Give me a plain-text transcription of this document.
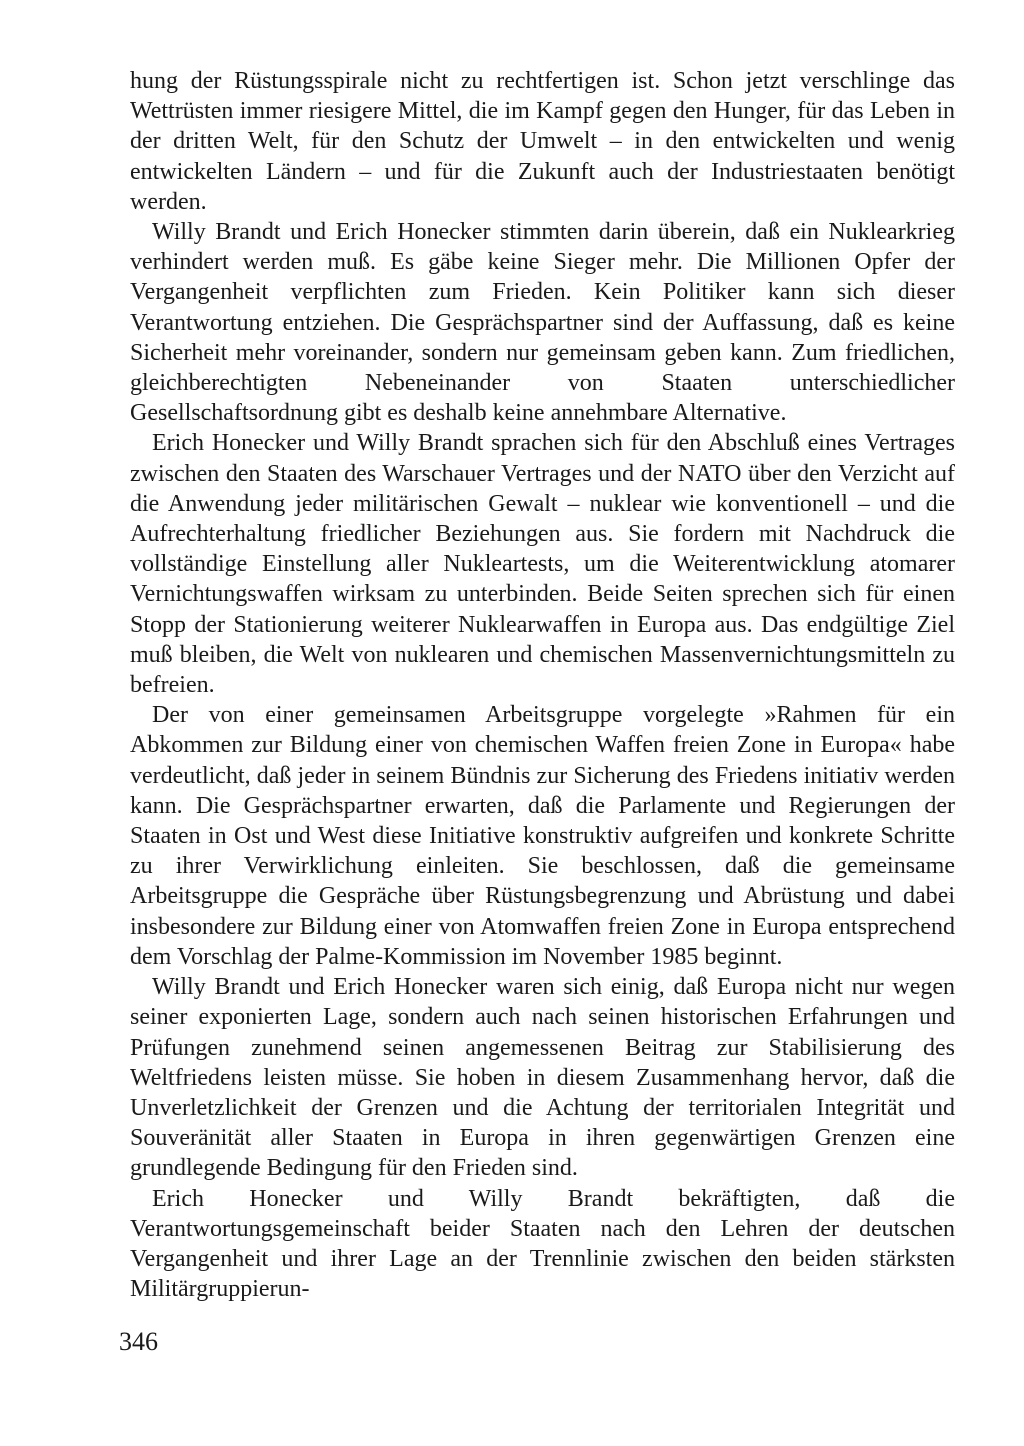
hung der Rüstungsspirale nicht zu rechtfertigen ist. Schon jetzt verschlinge das Wettrüsten immer riesigere Mittel, die im Kampf gegen den Hunger, für das Leben in der dritten Welt, für den Schutz der Umwelt – in den entwickelten und wenig entwickelten Ländern – und für die Zukunft auch der Industriestaaten benötigt werden.

Willy Brandt und Erich Honecker stimmten darin überein, daß ein Nuklearkrieg verhindert werden muß. Es gäbe keine Sieger mehr. Die Millionen Opfer der Vergangenheit verpflichten zum Frieden. Kein Politiker kann sich dieser Verantwortung entziehen. Die Gesprächspartner sind der Auffassung, daß es keine Sicherheit mehr voreinander, sondern nur gemeinsam geben kann. Zum friedlichen, gleichberechtigten Nebeneinander von Staaten unterschiedlicher Gesellschaftsordnung gibt es deshalb keine annehmbare Alternative.

Erich Honecker und Willy Brandt sprachen sich für den Abschluß eines Vertrages zwischen den Staaten des Warschauer Vertrages und der NATO über den Verzicht auf die Anwendung jeder militärischen Gewalt – nuklear wie konventionell – und die Aufrechterhaltung friedlicher Beziehungen aus. Sie fordern mit Nachdruck die vollständige Einstellung aller Nukleartests, um die Weiterentwicklung atomarer Vernichtungswaffen wirksam zu unterbinden. Beide Seiten sprechen sich für einen Stopp der Stationierung weiterer Nuklearwaffen in Europa aus. Das endgültige Ziel muß bleiben, die Welt von nuklearen und chemischen Massenvernichtungsmitteln zu befreien.

Der von einer gemeinsamen Arbeitsgruppe vorgelegte »Rahmen für ein Abkommen zur Bildung einer von chemischen Waffen freien Zone in Europa« habe verdeutlicht, daß jeder in seinem Bündnis zur Sicherung des Friedens initiativ werden kann. Die Gesprächspartner erwarten, daß die Parlamente und Regierungen der Staaten in Ost und West diese Initiative konstruktiv aufgreifen und konkrete Schritte zu ihrer Verwirklichung einleiten. Sie beschlossen, daß die gemeinsame Arbeitsgruppe die Gespräche über Rüstungsbegrenzung und Abrüstung und dabei insbesondere zur Bildung einer von Atomwaffen freien Zone in Europa entsprechend dem Vorschlag der Palme-Kommission im November 1985 beginnt.

Willy Brandt und Erich Honecker waren sich einig, daß Europa nicht nur wegen seiner exponierten Lage, sondern auch nach seinen historischen Erfahrungen und Prüfungen zunehmend seinen angemessenen Beitrag zur Stabilisierung des Weltfriedens leisten müsse. Sie hoben in diesem Zusammenhang hervor, daß die Unverletzlichkeit der Grenzen und die Achtung der territorialen Integrität und Souveränität aller Staaten in Europa in ihren gegenwärtigen Grenzen eine grundlegende Bedingung für den Frieden sind.

Erich Honecker und Willy Brandt bekräftigten, daß die Verantwortungsgemeinschaft beider Staaten nach den Lehren der deutschen Vergangenheit und ihrer Lage an der Trennlinie zwischen den beiden stärksten Militärgruppierun-

346
